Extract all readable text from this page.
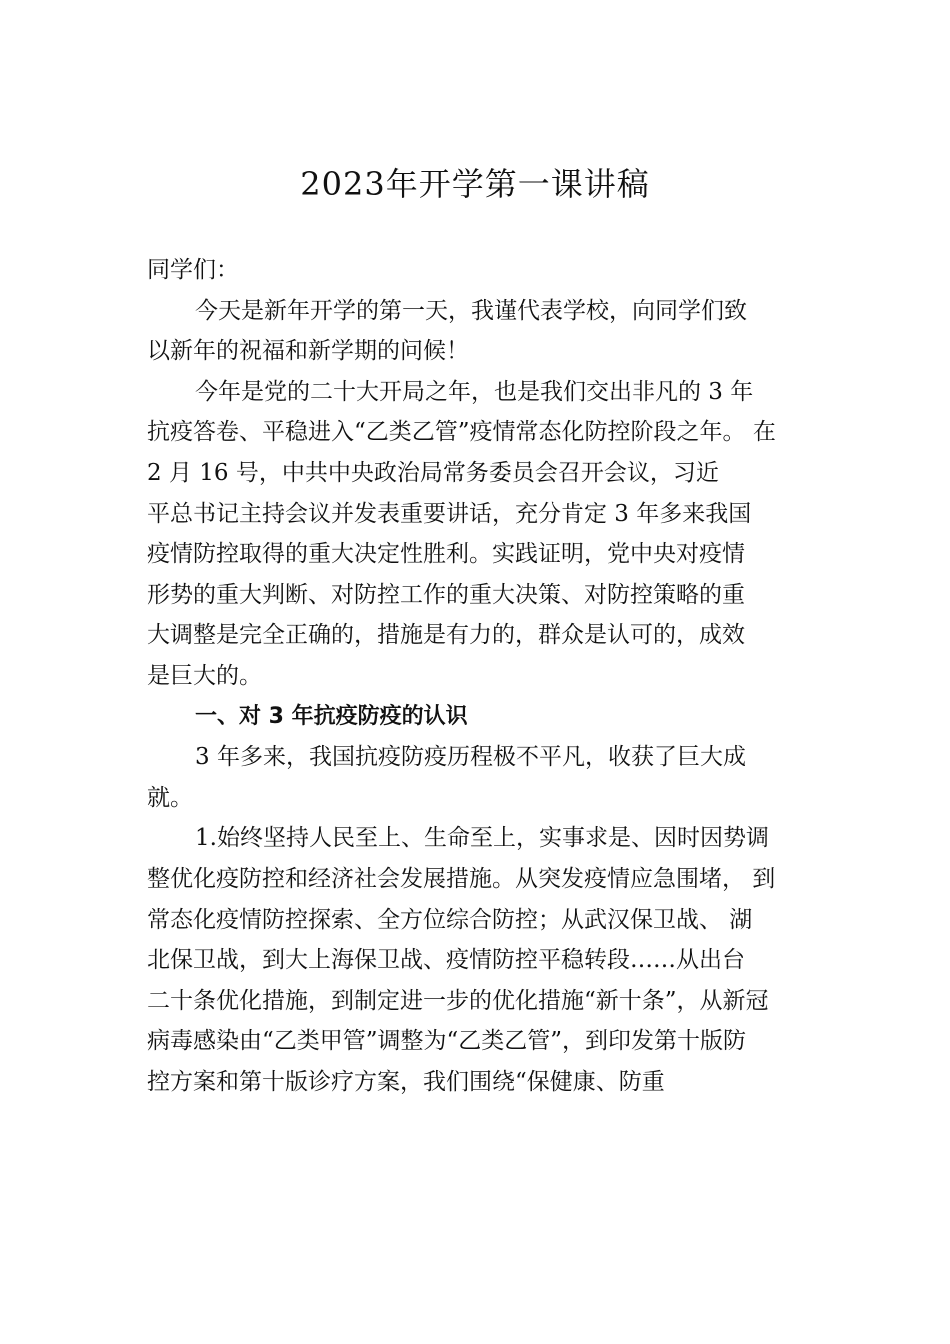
2023年开学第一课讲稿
同学们：
今天是新年开学的第一天，我谨代表学校，向同学们致
以新年的祝福和新学期的问候！
今年是党的二十大开局之年，也是我们交出非凡的 3 年
抗疫答卷、平稳进入“乙类乙管”疫情常态化防控阶段之年。 在
2 月 16 号，中共中央政治局常务委员会召开会议，习近
平总书记主持会议并发表重要讲话，充分肯定 3 年多来我国
疫情防控取得的重大决定性胜利。实践证明，党中央对疫情
形势的重大判断、对防控工作的重大决策、对防控策略的重
大调整是完全正确的，措施是有力的，群众是认可的，成效
是巨大的。
一、对 3 年抗疫防疫的认识
3 年多来，我国抗疫防疫历程极不平凡，收获了巨大成
就。
1.始终坚持人民至上、生命至上，实事求是、因时因势调
整优化疫防控和经济社会发展措施。从突发疫情应急围堵， 到
常态化疫情防控探索、全方位综合防控；从武汉保卫战、 湖
北保卫战，到大上海保卫战、疫情防控平稳转段……从出台
二十条优化措施，到制定进一步的优化措施“新十条”，从新冠
病毒感染由“乙类甲管”调整为“乙类乙管”，到印发第十版防
控方案和第十版诊疗方案，我们围绕“保健康、防重
